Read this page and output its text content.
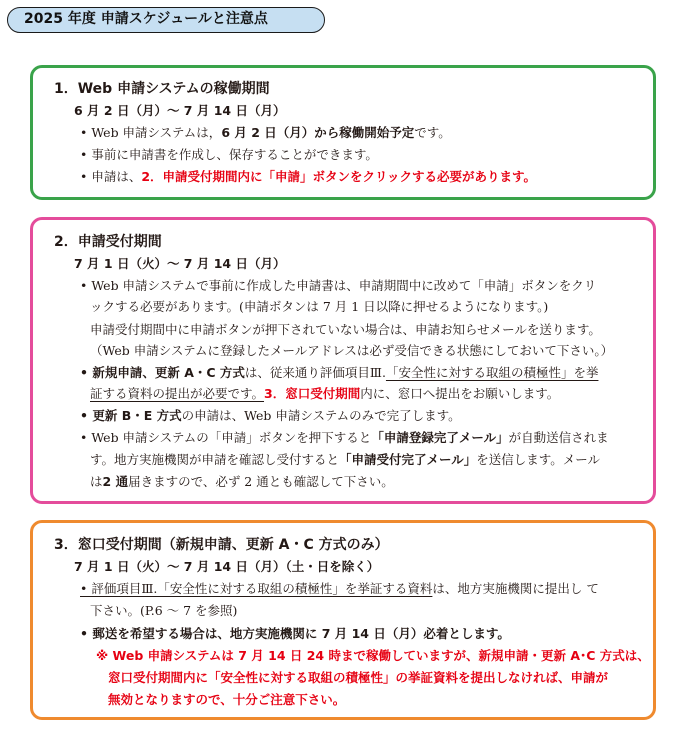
2025 年度 申請スケジュールと注意点
1．Web 申請システムの稼働期間
6 月 2 日（月）〜 7 月 14 日（月）
• Web 申請システムは，6 月 2 日（月）から稼働開始予定です。
• 事前に申請書を作成し、保存することができます。
• 申請は、2．申請受付期間内に「申請」ボタンをクリックする必要があります。
2．申請受付期間
7 月 1 日（火）〜 7 月 14 日（月）
• Web 申請システムで事前に作成した申請書は、申請期間中に改めて「申請」ボタンをクリ
ックする必要があります。(申請ボタンは 7 月 1 日以降に押せるようになります。)
申請受付期間中に申請ボタンが押下されていない場合は、申請お知らせメールを送ります。
（Web 申請システムに登録したメールアドレスは必ず受信できる状態にしておいて下さい。）
• 新規申請、更新 A・C 方式は、従来通り評価項目Ⅲ.「安全性に対する取組の積極性」を挙
証する資料の提出が必要です。3．窓口受付期間内に、窓口へ提出をお願いします。
• 更新 B・E 方式の申請は、Web 申請システムのみで完了します。
• Web 申請システムの「申請」ボタンを押下すると「申請登録完了メール」が自動送信されま
す。地方実施機関が申請を確認し受付すると「申請受付完了メール」を送信します。メール
は2 通届きますので、必ず 2 通とも確認して下さい。
3．窓口受付期間（新規申請、更新 A・C 方式のみ）
7 月 1 日（火）〜 7 月 14 日（月）（土・日を除く）
• 評価項目Ⅲ.「安全性に対する取組の積極性」を挙証する資料は、地方実施機関に提出し て
下さい。(P.6 〜 7 を参照)
• 郵送を希望する場合は、地方実施機関に 7 月 14 日（月）必着とします。
※ Web 申請システムは 7 月 14 日 24 時まで稼働していますが、新規申請・更新 A･C 方式は、
窓口受付期間内に「安全性に対する取組の積極性」の挙証資料を提出しなければ、申請が
無効となりますので、十分ご注意下さい。
